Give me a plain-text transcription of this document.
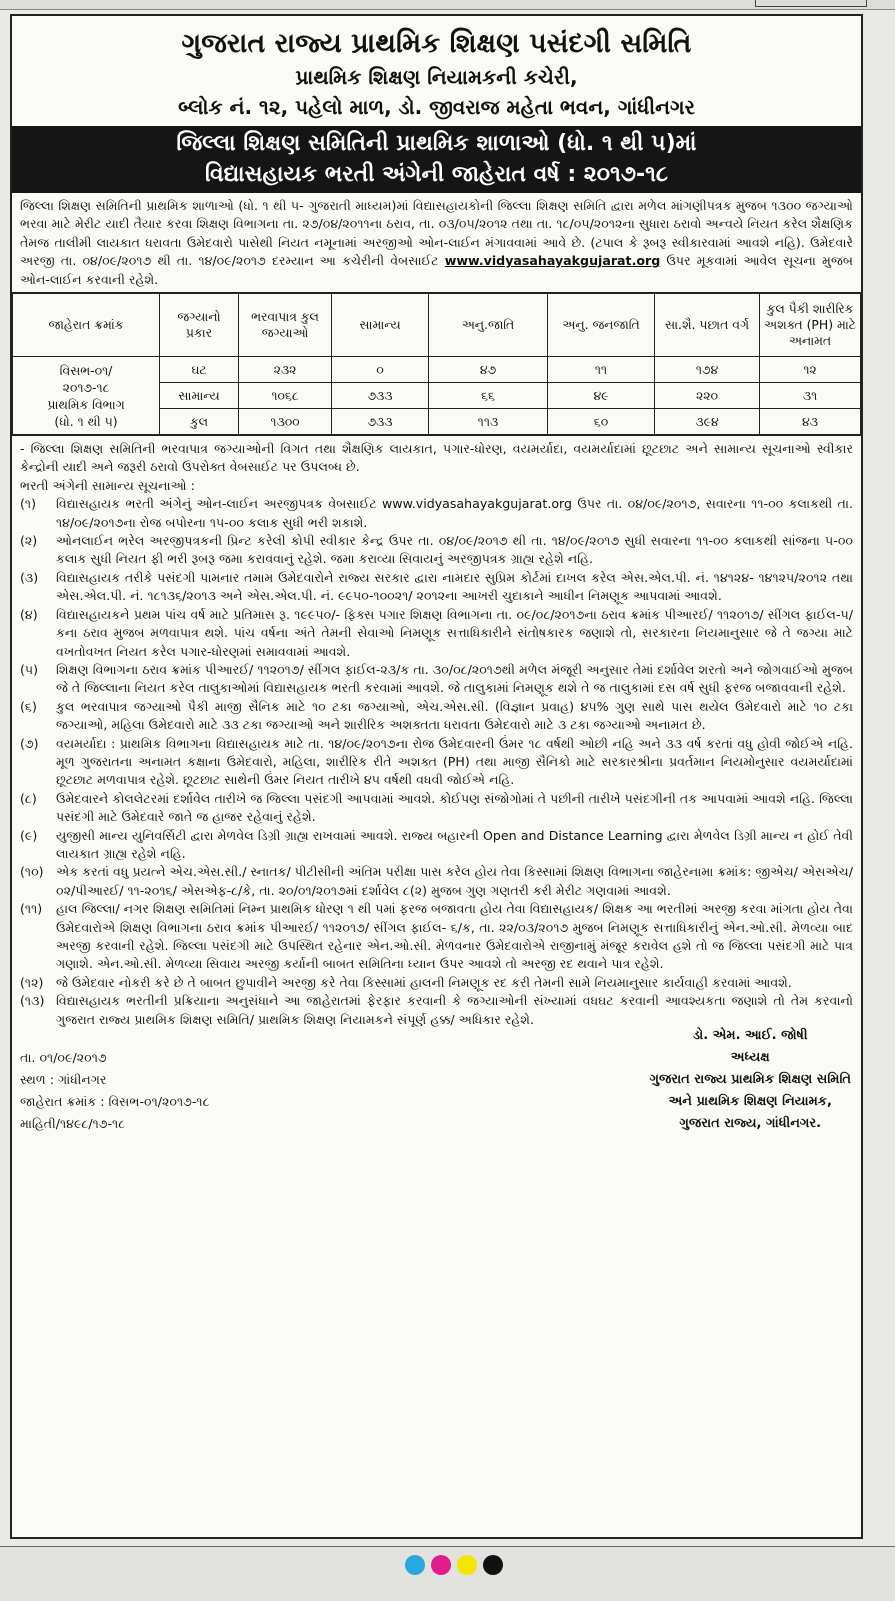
ગુજરાત રાજ્ય પ્રાથમિક શિક્ષણ પસંદગી સમિતિ
પ્રાથમિક શિક્ષણ નિયામકની કચેરી,
બ્લોક નં. ૧૨, પહેલો માળ, ડો. જીવરાજ મહેતા ભવન, ગાંધીનગર
જિલ્લા શિક્ષણ સમિતિની પ્રાથમિક શાળાઓ (ધો. ૧ થી ૫)માં
વિદ્યાસહાયક ભરતી અંગેની જાહેરાત વર્ષ : ૨૦૧૭-૧૮
જિલ્લા શિક્ષણ સમિતિની પ્રાથમિક શાળાઓ (ધો. ૧ થી ૫- ગુજરાતી માધ્યમ)માં વિદ્યાસહાયકોની જિલ્લા શિક્ષણ સમિતિ દ્વારા મળેલ માંગણીપત્રક મુજબ ૧૩૦૦ જગ્યાઓ ભરવા માટે મેરીટ યાદી તૈયાર કરવા શિક્ષણ વિભાગના તા. ૨૭/૦૪/૨૦૧૧ના ઠરાવ, તા. ૦૩/૦૫/૨૦૧૨ તથા તા. ૧૮/૦૫/૨૦૧૨ના સુધારા ઠરાવો અન્વયે નિયત કરેલ શૈક્ષણિક તેમજ તાલીમી લાયકાત ધરાવતા ઉમેદવારો પાસેથી નિયત નમૂનામાં અરજીઓ ઓન-લાઈન મંગાવવામાં આવે છે. (ટપાલ કે રૂબરૂ સ્વીકારવામાં આવશે નહિ). ઉમેદવારે અરજી તા. ૦૪/૦૯/૨૦૧૭ થી તા. ૧૪/૦૯/૨૦૧૭ દરમ્યાન આ કચેરીની વેબસાઈટ www.vidyasahayakgujarat.org ઉપર મૂકવામાં આવેલ સૂચના મુજબ ઓન-લાઈન કરવાની રહેશે.
જાહેરાત ક્રમાંક	જગ્યાનો પ્રકાર	ભરવાપાત્ર કુલ જગ્યાઓ	સામાન્ય	અનુ.જાતિ	અનુ. જનજાતિ	સા.શૈ. પછાત વર્ગ	કુલ પૈકી શારીરિક અશક્ત (PH) માટે અનામત

વિસભ-૦૧/
૨૦૧૭-૧૮
પ્રાથમિક વિભાગ
(ધો. ૧ થી ૫)	ઘટ	૨૩૨	૦	૪૭	૧૧	૧૭૪	૧૨
	સામાન્ય	૧૦૬૮	૭૩૩	૬૬	૪૯	૨૨૦	૩૧
	કુલ	૧૩૦૦	૭૩૩	૧૧૩	૬૦	૩૯૪	૪૩

- જિલ્લા શિક્ષણ સમિતિની ભરવાપાત્ર જગ્યાઓની વિગત તથા શૈક્ષણિક લાયકાત, પગાર-ધોરણ, વયમર્યાદા, વયમર્યાદામાં છૂટછાટ અને સામાન્ય સૂચનાઓ સ્વીકાર કેન્દ્રોની યાદી અને જરૂરી ઠરાવો ઉપરોક્ત વેબસાઈટ પર ઉપલબ્ધ છે.

ભરતી અંગેની સામાન્ય સૂચનાઓ :

(૧)	વિદ્યાસહાયક ભરતી અંગેનું ઓન-લાઈન અરજીપત્રક વેબસાઈટ www.vidyasahayakgujarat.org ઉપર તા. ૦૪/૦૯/૨૦૧૭, સવારના ૧૧-૦૦ કલાકથી તા. ૧૪/૦૯/૨૦૧૭ના રોજ બપોરના ૧૫-૦૦ કલાક સુધી ભરી શકાશે.
(૨)	ઓનલાઈન ભરેલ અરજીપત્રકની પ્રિન્ટ કરેલી કોપી સ્વીકાર કેન્દ્ર ઉપર તા. ૦૪/૦૯/૨૦૧૭ થી તા. ૧૪/૦૯/૨૦૧૭ સુધી સવારના ૧૧-૦૦ કલાકથી સાંજના ૫-૦૦ કલાક સુધી નિયત ફી ભરી રૂબરૂ જમા કરાવવાનું રહેશે. જમા કરાવ્યા સિવાયનું અરજીપત્રક ગ્રાહ્ય રહેશે નહિ.
(૩)	વિદ્યાસહાયક તરીકે પસંદગી પામનાર તમામ ઉમેદવારોને રાજ્ય સરકાર દ્વારા નામદાર સુપ્રિમ કોર્ટમાં દાખલ કરેલ એસ.એલ.પી. નં. ૧૪૧૨૪- ૧૪૧૨૫/૨૦૧૨ તથા એસ.એલ.પી. નં. ૧૮૧૩૬/૨૦૧૩ અને એસ.એલ.પી. નં. ૯૯૫૦-૧૦૦૨૧/ ૨૦૧૨ના આખરી ચુદાકાને આધીન નિમણૂક આપવામાં આવશે.
(૪)	વિદ્યાસહાયકને પ્રથમ પાંચ વર્ષ માટે પ્રતિમાસ રૂ. ૧૯૯૫૦/- ફિક્સ પગાર શિક્ષણ વિભાગના તા. ૦૯/૦૮/૨૦૧૭ના ઠરાવ ક્રમાંક પીઆરઈ/ ૧૧૨૦૧૭/ સીંગલ ફાઈલ-૫/કના ઠરાવ મુજબ મળવાપાત્ર થશે. પાંચ વર્ષના અંતે તેમની સેવાઓ નિમણૂક સત્તાધિકારીને સંતોષકારક જણાશે તો, સરકારના નિયમાનુસાર જે તે જગ્યા માટે વખતોવખત નિયત કરેલ પગાર-ધોરણમાં સમાવવામાં આવશે.
(૫)	શિક્ષણ વિભાગના ઠરાવ ક્રમાંક પીઆરઈ/ ૧૧૨૦૧૭/ સીંગલ ફાઈલ-૨૩/ક તા. ૩૦/૦૮/૨૦૧૭થી મળેલ મંજૂરી અનુસાર તેમાં દર્શાવેલ શરતો અને જોગવાઈઓ મુજબ જે તે જિલ્લાના નિયત કરેલ તાલુકાઓમાં વિદ્યાસહાયક ભરતી કરવામાં આવશે. જે તાલુકામાં નિમણૂક થશે તે જ તાલુકામાં દસ વર્ષ સુધી ફરજ બજાવવાની રહેશે.
(૬)	કુલ ભરવાપાત્ર જગ્યાઓ પૈકી માજી સૈનિક માટે ૧૦ ટકા જગ્યાઓ, એચ.એસ.સી. (વિજ્ઞાન પ્રવાહ) ૪૫% ગુણ સાથે પાસ થયેલ ઉમેદવારો માટે ૧૦ ટકા જગ્યાઓ, મહિલા ઉમેદવારો માટે ૩૩ ટકા જગ્યાઓ અને શારીરિક અશક્તતા ધરાવતા ઉમેદવારો માટે ૩ ટકા જગ્યાઓ અનામત છે.
(૭)	વયમર્યાદા : પ્રાથમિક વિભાગના વિદ્યાસહાયક માટે તા. ૧૪/૦૯/૨૦૧૭ના રોજ ઉમેદવારની ઉંમર ૧૮ વર્ષથી ઓછી નહિ અને ૩૩ વર્ષ કરતાં વધુ હોવી જોઈએ નહિ. મૂળ ગુજરાતના અનામત કક્ષાના ઉમેદવારો, મહિલા, શારીરિક રીતે અશક્ત (PH) તથા માજી સૈનિકો માટે સરકારશ્રીના પ્રવર્તમાન નિયમોનુસાર વયમર્યાદામાં છૂટછાટ મળવાપાત્ર રહેશે. છૂટછાટ સાથેની ઉંમર નિયત તારીખે ૪૫ વર્ષથી વધવી જોઈએ નહિ.
(૮)	ઉમેદવારને કોલલેટરમાં દર્શાવેલ તારીખે જ જિલ્લા પસંદગી આપવામાં આવશે. કોઈપણ સંજોગોમાં તે પછીની તારીખે પસંદગીની તક આપવામાં આવશે નહિ. જિલ્લા પસંદગી માટે ઉમેદવારે જાતે જ હાજર રહેવાનું રહેશે.
(૯)	યુજીસી માન્ય યુનિવર્સિટી દ્વારા મેળવેલ ડિગ્રી ગ્રાહ્ય રાખવામાં આવશે. રાજ્ય બહારની Open and Distance Learning દ્વારા મેળવેલ ડિગ્રી માન્ય ન હોઈ તેવી લાયકાત ગ્રાહ્ય રહેશે નહિ.
(૧૦) એક કરતાં વધુ પ્રયત્ને એચ.એસ.સી./ સ્નાતક/ પીટીસીની અંતિમ પરીક્ષા પાસ કરેલ હોય તેવા કિસ્સામાં શિક્ષણ વિભાગના જાહેરનામા ક્રમાંક: જીએચ/ એસએચ/૦૨/પીઆરઈ/ ૧૧-૨૦૧૬/ એસએફ-૮/કે, તા. ૨૦/૦૧/૨૦૧૭માં દર્શાવેલ ૮(૨) મુજબ ગુણ ગણતરી કરી મેરીટ ગણવામાં આવશે.
(૧૧)	હાલ જિલ્લા/ નગર શિક્ષણ સમિતિમાં નિમ્ન પ્રાથમિક ધોરણ ૧ થી ૫માં ફરજ બજાવતા હોય તેવા વિદ્યાસહાયક/ શિક્ષક આ ભરતીમાં અરજી કરવા માંગતા હોય તેવા ઉમેદવારોએ શિક્ષણ વિભાગના ઠરાવ ક્રમાંક પીઆરઈ/ ૧૧૨૦૧૭/ સીંગલ ફાઈલ- ૬/ક, તા. ૨૨/૦૩/૨૦૧૭ મુજબ નિમણૂક સત્તાધિકારીનું એન.ઓ.સી. મેળવ્યા બાદ અરજી કરવાની રહેશે. જિલ્લા પસંદગી માટે ઉપસ્થિત રહેનાર એન.ઓ.સી. મેળવનાર ઉમેદવારોએ રાજીનામું મંજૂર કરાવેલ હશે તો જ જિલ્લા પસંદગી માટે પાત્ર ગણાશે. એન.ઓ.સી. મેળવ્યા સિવાય અરજી કર્યાની બાબત સમિતિના ધ્યાન ઉપર આવશે તો અરજી રદ થવાને પાત્ર રહેશે.
(૧૨)	જે ઉમેદવાર નોકરી કરે છે તે બાબત છુપાવીને અરજી કરે તેવા કિસ્સામાં હાલની નિમણૂક રદ કરી તેમની સામે નિયમાનુસાર કાર્યવાહી કરવામાં આવશે.
(૧૩) વિદ્યાસહાયક ભરતીની પ્રક્રિયાના અનુસંધાને આ જાહેરાતમાં ફેરફાર કરવાની કે જગ્યાઓની સંખ્યામાં વધઘટ કરવાની આવશ્યકતા જણાશે તો તેમ કરવાનો ગુજરાત રાજ્ય પ્રાથમિક શિક્ષણ સમિતિ/ પ્રાથમિક શિક્ષણ નિયામકને સંપૂર્ણ હક્ક/ અધિકાર રહેશે.
તા. ૦૧/૦૯/૨૦૧૭
સ્થળ : ગાંધીનગર
જાહેરાત ક્રમાંક : વિસભ-૦૧/૨૦૧૭-૧૮
માહિતી/૧૪૯૮/૧૭-૧૮
ડો. એમ. આઈ. જોષી
અધ્યક્ષ
ગુજરાત રાજ્ય પ્રાથમિક શિક્ષણ સમિતિ
અને પ્રાથમિક શિક્ષણ નિયામક,
ગુજરાત રાજ્ય, ગાંધીનગર.
